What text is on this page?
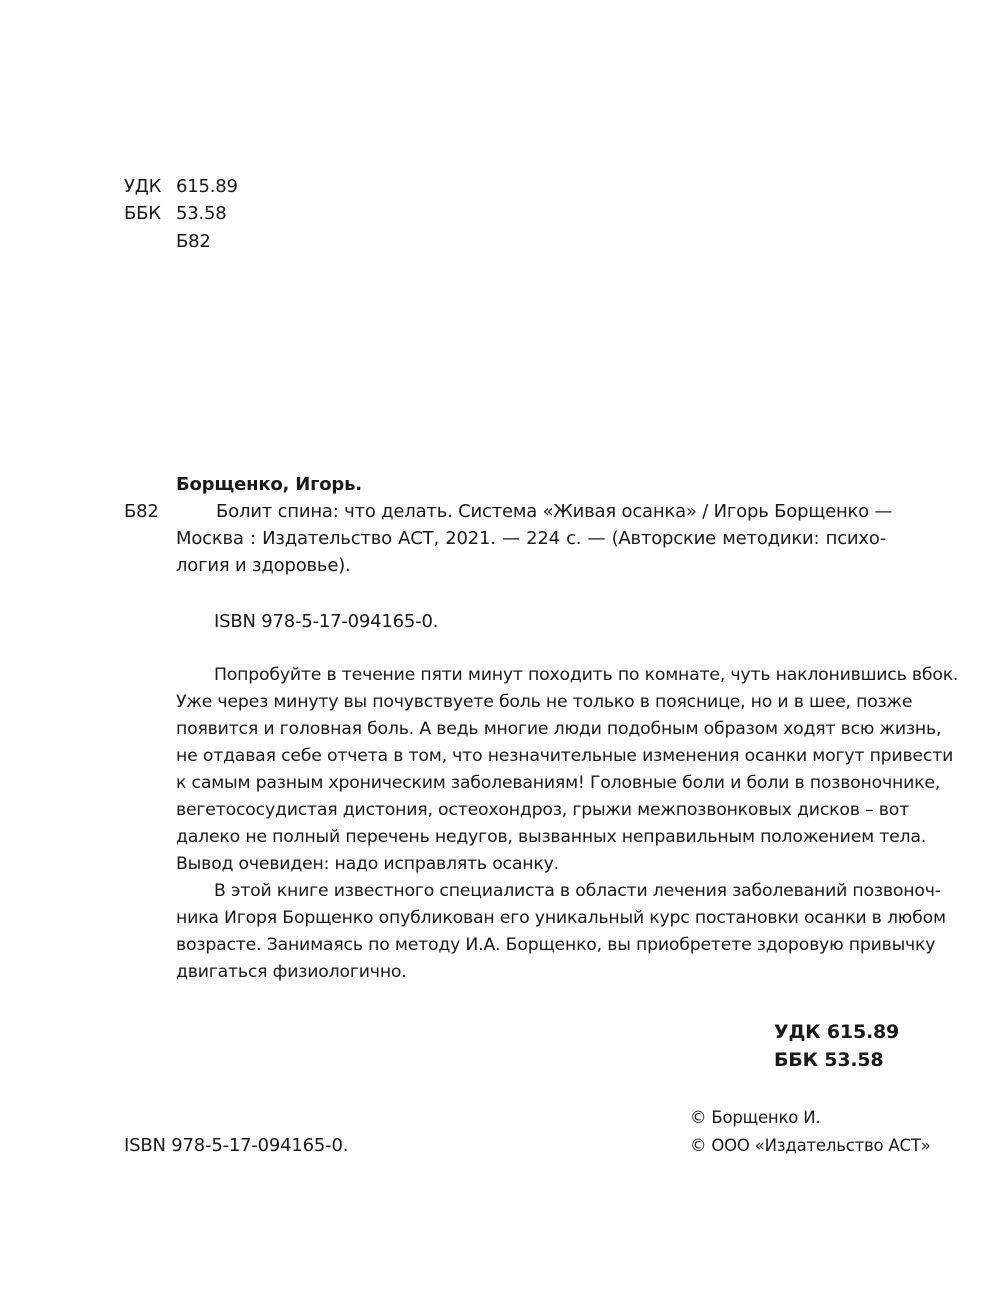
УДК 615.89
ББК 53.58
Б82
Борщенко, Игорь.
Б82	Болит спина: что делать. Система «Живая осанка» / Игорь Борщенко —
Москва : Издательство АСТ, 2021. — 224 с. — (Авторские методики: психо-
логия и здоровье).
ISBN 978-5-17-094165-0.
Попробуйте в течение пяти минут походить по комнате, чуть наклонившись вбок.
Уже через минуту вы почувствуете боль не только в пояснице, но и в шее, позже
появится и головная боль. А ведь многие люди подобным образом ходят всю жизнь,
не отдавая себе отчета в том, что незначительные изменения осанки могут привести
к самым разным хроническим заболеваниям! Головные боли и боли в позвоночнике,
вегетососудистая дистония, остеохондроз, грыжи межпозвонковых дисков – вот
далеко не полный перечень недугов, вызванных неправильным положением тела.
Вывод очевиден: надо исправлять осанку.
В этой книге известного специалиста в области лечения заболеваний позвоноч-
ника Игоря Борщенко опубликован его уникальный курс постановки осанки в любом
возрасте. Занимаясь по методу И.А. Борщенко, вы приобретете здоровую привычку
двигаться физиологично.
УДК 615.89
ББК 53.58
© Борщенко И.
ISBN 978-5-17-094165-0.	© ООО «Издательство АСТ»
